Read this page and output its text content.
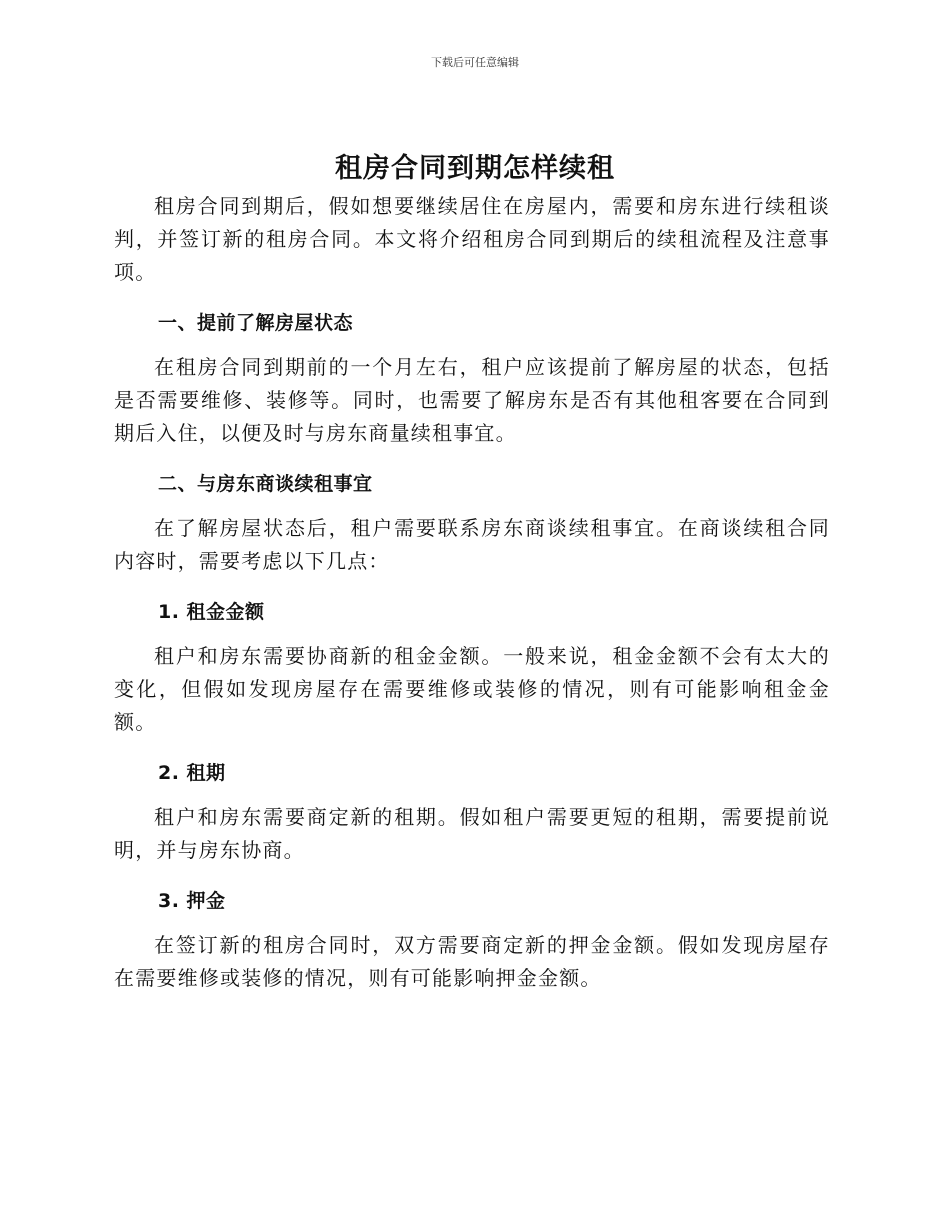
下载后可任意编辑
租房合同到期怎样续租

租房合同到期后，假如想要继续居住在房屋内，需要和房东进行续租谈判，并签订新的租房合同。本文将介绍租房合同到期后的续租流程及注意事项。

一、提前了解房屋状态

在租房合同到期前的一个月左右，租户应该提前了解房屋的状态，包括是否需要维修、装修等。同时，也需要了解房东是否有其他租客要在合同到期后入住，以便及时与房东商量续租事宜。

二、与房东商谈续租事宜

在了解房屋状态后，租户需要联系房东商谈续租事宜。在商谈续租合同内容时，需要考虑以下几点：

1. 租金金额

租户和房东需要协商新的租金金额。一般来说，租金金额不会有太大的变化，但假如发现房屋存在需要维修或装修的情况，则有可能影响租金金额。

2. 租期

租户和房东需要商定新的租期。假如租户需要更短的租期，需要提前说明，并与房东协商。

3. 押金

在签订新的租房合同时，双方需要商定新的押金金额。假如发现房屋存在需要维修或装修的情况，则有可能影响押金金额。
